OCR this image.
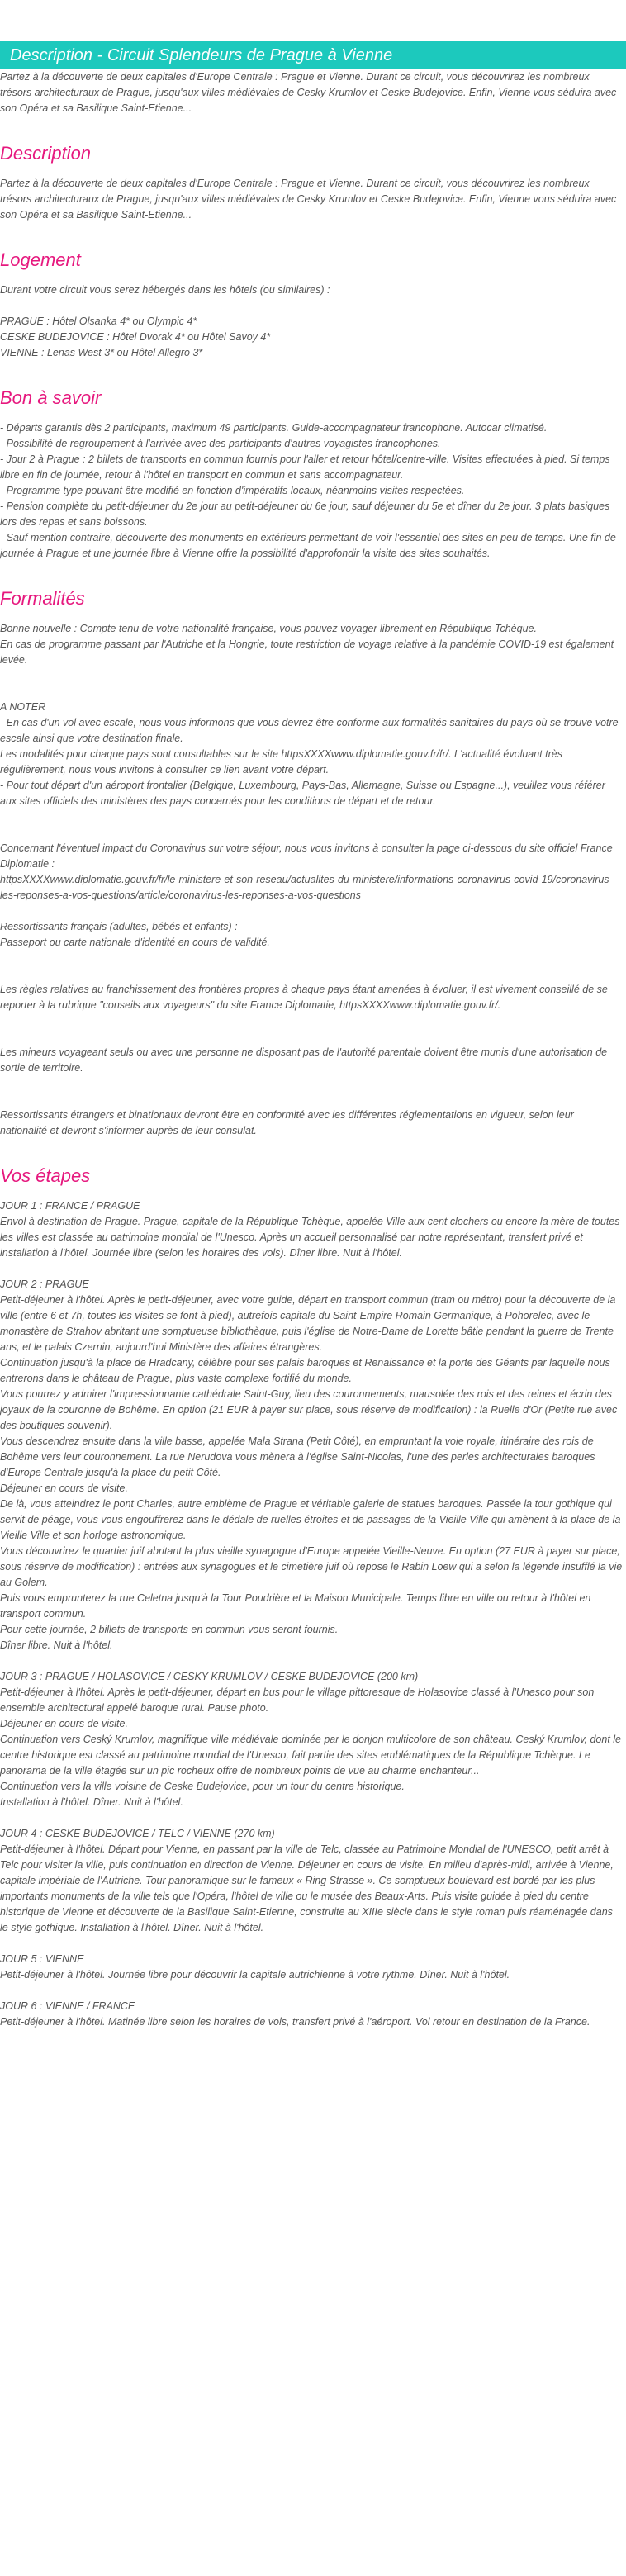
Description - Circuit Splendeurs de Prague à Vienne

Partez à la découverte de deux capitales d'Europe Centrale : Prague et Vienne. Durant ce circuit, vous découvrirez les nombreux trésors architecturaux de Prague, jusqu'aux villes médiévales de Cesky Krumlov et Ceske Budejovice. Enfin, Vienne vous séduira avec son Opéra et sa Basilique Saint-Etienne...

Description

Partez à la découverte de deux capitales d'Europe Centrale : Prague et Vienne. Durant ce circuit, vous découvrirez les nombreux trésors architecturaux de Prague, jusqu'aux villes médiévales de Cesky Krumlov et Ceske Budejovice. Enfin, Vienne vous séduira avec son Opéra et sa Basilique Saint-Etienne...

Logement

Durant votre circuit vous serez hébergés dans les hôtels (ou similaires) :

PRAGUE : Hôtel Olsanka 4* ou Olympic 4*
CESKE BUDEJOVICE : Hôtel Dvorak 4* ou Hôtel Savoy 4*
VIENNE : Lenas West 3* ou Hôtel Allegro 3*

Bon à savoir

- Départs garantis dès 2 participants, maximum 49 participants. Guide-accompagnateur francophone. Autocar climatisé.
- Possibilité de regroupement à l'arrivée avec des participants d'autres voyagistes francophones.
- Jour 2 à Prague : 2 billets de transports en commun fournis pour l'aller et retour hôtel/centre-ville. Visites effectuées à pied. Si temps libre en fin de journée, retour à l'hôtel en transport en commun et sans accompagnateur.
- Programme type pouvant être modifié en fonction d'impératifs locaux, néanmoins visites respectées.
- Pension complète du petit-déjeuner du 2e jour au petit-déjeuner du 6e jour, sauf déjeuner du 5e et dîner du 2e jour. 3 plats basiques lors des repas et sans boissons.
- Sauf mention contraire, découverte des monuments en extérieurs permettant de voir l'essentiel des sites en peu de temps. Une fin de journée à Prague et une journée libre à Vienne offre la possibilité d'approfondir la visite des sites souhaités.

Formalités

Bonne nouvelle : Compte tenu de votre nationalité française, vous pouvez voyager librement en République Tchèque.
En cas de programme passant par l'Autriche et la Hongrie, toute restriction de voyage relative à la pandémie COVID-19 est également levée.

A NOTER
- En cas d'un vol avec escale, nous vous informons que vous devrez être conforme aux formalités sanitaires du pays où se trouve votre escale ainsi que votre destination finale.
Les modalités pour chaque pays sont consultables sur le site httpsXXXXwww.diplomatie.gouv.fr/fr/. L'actualité évoluant très régulièrement, nous vous invitons à consulter ce lien avant votre départ.
- Pour tout départ d'un aéroport frontalier (Belgique, Luxembourg, Pays-Bas, Allemagne, Suisse ou Espagne...), veuillez vous référer aux sites officiels des ministères des pays concernés pour les conditions de départ et de retour.

Concernant l'éventuel impact du Coronavirus sur votre séjour, nous vous invitons à consulter la page ci-dessous du site officiel France Diplomatie :
httpsXXXXwww.diplomatie.gouv.fr/fr/le-ministere-et-son-reseau/actualites-du-ministere/informations-coronavirus-covid-19/coronavirus-les-reponses-a-vos-questions/article/coronavirus-les-reponses-a-vos-questions

Ressortissants français (adultes, bébés et enfants) :
Passeport ou carte nationale d'identité en cours de validité.

Les règles relatives au franchissement des frontières propres à chaque pays étant amenées à évoluer, il est vivement conseillé de se reporter à la rubrique "conseils aux voyageurs" du site France Diplomatie, httpsXXXXwww.diplomatie.gouv.fr/.

Les mineurs voyageant seuls ou avec une personne ne disposant pas de l'autorité parentale doivent être munis d'une autorisation de sortie de territoire.

Ressortissants étrangers et binationaux devront être en conformité avec les différentes réglementations en vigueur, selon leur nationalité et devront s'informer auprès de leur consulat.

Vos étapes

JOUR 1 : FRANCE / PRAGUE
Envol à destination de Prague. Prague, capitale de la République Tchèque, appelée Ville aux cent clochers ou encore la mère de toutes les villes est classée au patrimoine mondial de l'Unesco. Après un accueil personnalisé par notre représentant, transfert privé et installation à l'hôtel. Journée libre (selon les horaires des vols). Dîner libre. Nuit à l'hôtel.

JOUR 2 : PRAGUE
Petit-déjeuner à l'hôtel. Après le petit-déjeuner, avec votre guide, départ en transport commun (tram ou métro) pour la découverte de la ville (entre 6 et 7h, toutes les visites se font à pied), autrefois capitale du Saint-Empire Romain Germanique, à Pohorelec, avec le monastère de Strahov abritant une somptueuse bibliothèque, puis l'église de Notre-Dame de Lorette bâtie pendant la guerre de Trente ans, et le palais Czernin, aujourd'hui Ministère des affaires étrangères.
Continuation jusqu'à la place de Hradcany, célèbre pour ses palais baroques et Renaissance et la porte des Géants par laquelle nous entrerons dans le château de Prague, plus vaste complexe fortifié du monde.
Vous pourrez y admirer l'impressionnante cathédrale Saint-Guy, lieu des couronnements, mausolée des rois et des reines et écrin des joyaux de la couronne de Bohême. En option (21 EUR à payer sur place, sous réserve de modification) : la Ruelle d'Or (Petite rue avec des boutiques souvenir).
Vous descendrez ensuite dans la ville basse, appelée Mala Strana (Petit Côté), en empruntant la voie royale, itinéraire des rois de Bohême vers leur couronnement. La rue Nerudova vous mènera à l'église Saint-Nicolas, l'une des perles architecturales baroques d'Europe Centrale jusqu'à la place du petit Côté.
Déjeuner en cours de visite.
De là, vous atteindrez le pont Charles, autre emblème de Prague et véritable galerie de statues baroques. Passée la tour gothique qui servit de péage, vous vous engouffrerez dans le dédale de ruelles étroites et de passages de la Vieille Ville qui amènent à la place de la Vieille Ville et son horloge astronomique.
Vous découvrirez le quartier juif abritant la plus vieille synagogue d'Europe appelée Vieille-Neuve. En option (27 EUR à payer sur place, sous réserve de modification) : entrées aux synagogues et le cimetière juif où repose le Rabin Loew qui a selon la légende insufflé la vie au Golem.
Puis vous emprunterez la rue Celetna jusqu'à la Tour Poudrière et la Maison Municipale. Temps libre en ville ou retour à l'hôtel en transport commun.
Pour cette journée, 2 billets de transports en commun vous seront fournis.
Dîner libre. Nuit à l'hôtel.

JOUR 3 : PRAGUE / HOLASOVICE / CESKY KRUMLOV / CESKE BUDEJOVICE (200 km)
Petit-déjeuner à l'hôtel. Après le petit-déjeuner, départ en bus pour le village pittoresque de Holasovice classé à l'Unesco pour son ensemble architectural appelé baroque rural. Pause photo.
Déjeuner en cours de visite.
Continuation vers Ceský Krumlov, magnifique ville médiévale dominée par le donjon multicolore de son château. Ceský Krumlov, dont le centre historique est classé au patrimoine mondial de l'Unesco, fait partie des sites emblématiques de la République Tchèque. Le panorama de la ville étagée sur un pic rocheux offre de nombreux points de vue au charme enchanteur...
Continuation vers la ville voisine de Ceske Budejovice, pour un tour du centre historique.
Installation à l'hôtel. Dîner. Nuit à l'hôtel.

JOUR 4 : CESKE BUDEJOVICE / TELC / VIENNE (270 km)
Petit-déjeuner à l'hôtel. Départ pour Vienne, en passant par la ville de Telc, classée au Patrimoine Mondial de l'UNESCO, petit arrêt à Telc pour visiter la ville, puis continuation en direction de Vienne. Déjeuner en cours de visite. En milieu d'après-midi, arrivée à Vienne, capitale impériale de l'Autriche. Tour panoramique sur le fameux « Ring Strasse ». Ce somptueux boulevard est bordé par les plus importants monuments de la ville tels que l'Opéra, l'hôtel de ville ou le musée des Beaux-Arts. Puis visite guidée à pied du centre historique de Vienne et découverte de la Basilique Saint-Etienne, construite au XIIIe siècle dans le style roman puis réaménagée dans le style gothique. Installation à l'hôtel. Dîner. Nuit à l'hôtel.

JOUR 5 : VIENNE
Petit-déjeuner à l'hôtel. Journée libre pour découvrir la capitale autrichienne à votre rythme. Dîner. Nuit à l'hôtel.

JOUR 6 : VIENNE / FRANCE
Petit-déjeuner à l'hôtel. Matinée libre selon les horaires de vols, transfert privé à l'aéroport. Vol retour en destination de la France.
